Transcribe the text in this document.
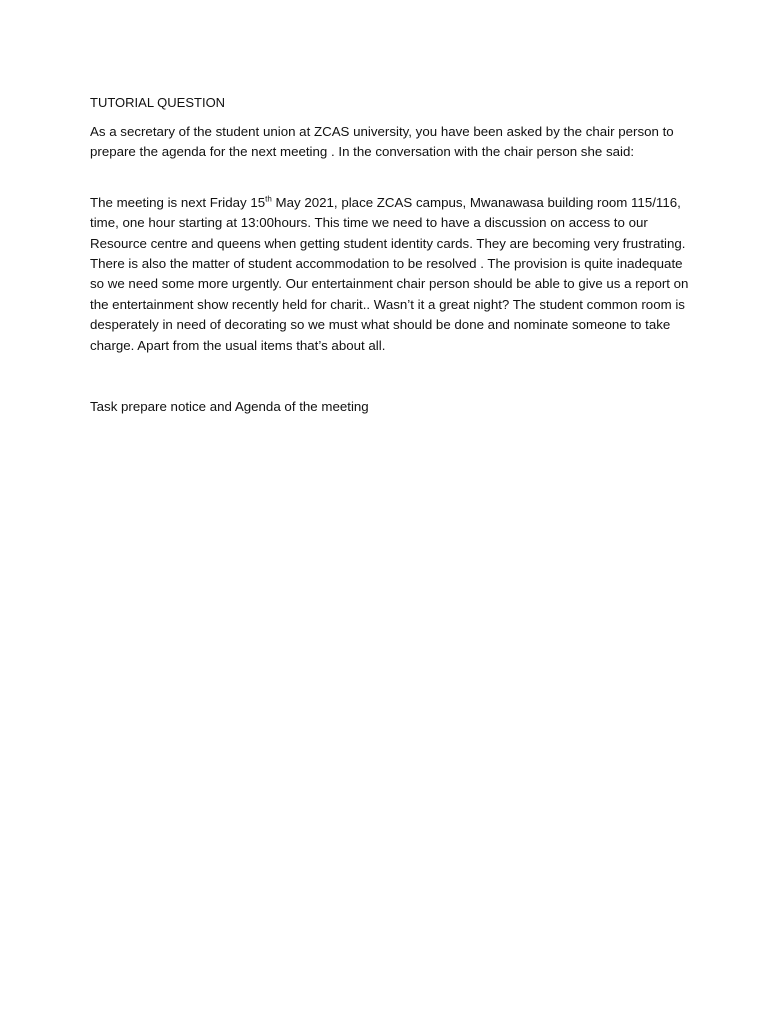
TUTORIAL QUESTION

As a secretary of the student union at ZCAS university, you have been asked by the chair person to prepare the agenda for the next meeting . In the conversation with the chair person she said:

The meeting is next Friday 15th May 2021, place ZCAS campus, Mwanawasa building room 115/116, time, one hour starting at 13:00hours. This time we need to have a discussion on access to our Resource centre and queens when getting student identity cards. They are becoming very frustrating. There is also the matter of student accommodation to be resolved . The provision is quite inadequate so we need some more urgently. Our entertainment chair person should be able to give us a report on the entertainment show recently held for charit.. Wasn’t it a great night? The student common room is desperately in need of decorating so we must what should be done and nominate someone to take charge. Apart from the usual items that’s about all.

Task prepare notice and Agenda of the meeting
